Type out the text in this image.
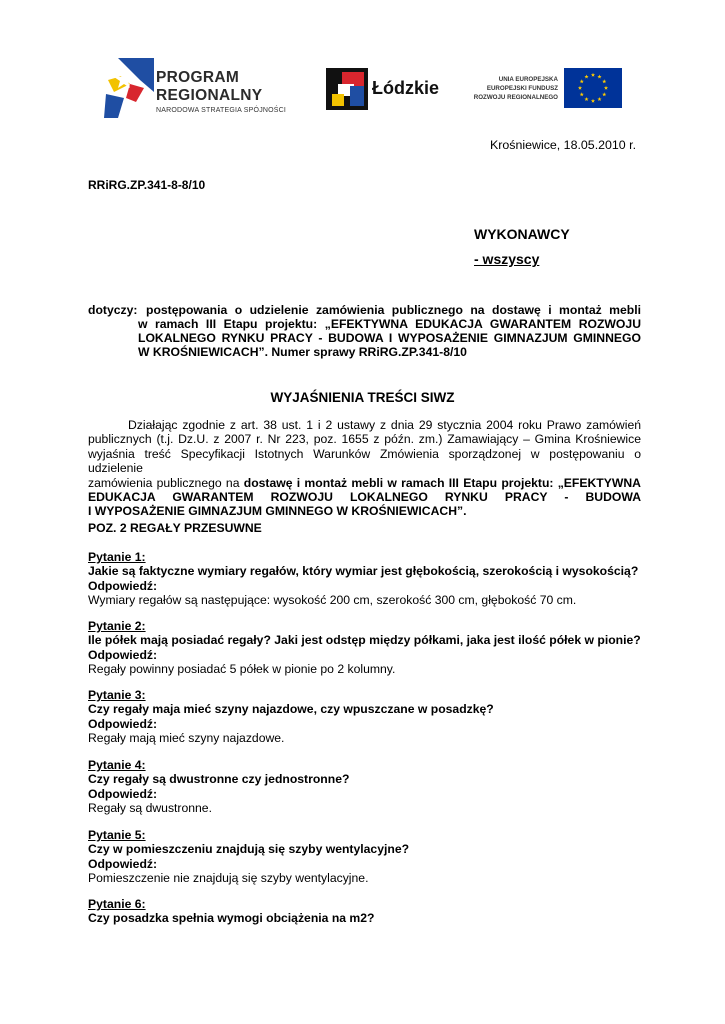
PROGRAM
REGIONALNY
NARODOWA STRATEGIA SPÓJNOŚCI
Łódzkie	UNIA EUROPEJSKA
EUROPEJSKI FUNDUSZ
ROZWOJU REGIONALNEGO
Krośniewice, 18.05.2010 r.
RRiRG.ZP.341-8-8/10
WYKONAWCY
- wszyscy
dotyczy: postępowania o udzielenie zamówienia publicznego na dostawę i montaż mebli
w ramach III Etapu projektu: „EFEKTYWNA EDUKACJA GWARANTEM ROZWOJU
LOKALNEGO RYNKU PRACY - BUDOWA I WYPOSAŻENIE GIMNAZJUM GMINNEGO
W KROŚNIEWICACH”. Numer sprawy RRiRG.ZP.341-8/10
WYJAŚNIENIA TREŚCI SIWZ
Działając zgodnie z art. 38 ust. 1 i 2 ustawy z dnia 29 stycznia 2004 roku Prawo zamówień
publicznych (t.j. Dz.U. z 2007 r. Nr 223, poz. 1655 z późn. zm.) Zamawiający – Gmina Krośniewice
wyjaśnia treść Specyfikacji Istotnych Warunków Zmówienia sporządzonej w postępowaniu o udzielenie
zamówienia publicznego na dostawę i montaż mebli w ramach III Etapu projektu: „EFEKTYWNA
EDUKACJA GWARANTEM ROZWOJU LOKALNEGO RYNKU PRACY - BUDOWA
I WYPOSAŻENIE GIMNAZJUM GMINNEGO W KROŚNIEWICACH”.
POZ. 2 REGAŁY PRZESUWNE
Pytanie 1:
Jakie są faktyczne wymiary regałów, który wymiar jest głębokością, szerokością i wysokością?
Odpowiedź:
Wymiary regałów są następujące: wysokość 200 cm, szerokość 300 cm, głębokość 70 cm.
Pytanie 2:
Ile półek mają posiadać regały? Jaki jest odstęp między półkami, jaka jest ilość półek w pionie?
Odpowiedź:
Regały powinny posiadać 5 półek w pionie po 2 kolumny.
Pytanie 3:
Czy regały maja mieć szyny najazdowe, czy wpuszczane w posadzkę?
Odpowiedź:
Regały mają mieć szyny najazdowe.
Pytanie 4:
Czy regały są dwustronne czy jednostronne?
Odpowiedź:
Regały są dwustronne.
Pytanie 5:
Czy w pomieszczeniu znajdują się szyby wentylacyjne?
Odpowiedź:
Pomieszczenie nie znajdują się szyby wentylacyjne.
Pytanie 6:
Czy posadzka spełnia wymogi obciążenia na m2?
